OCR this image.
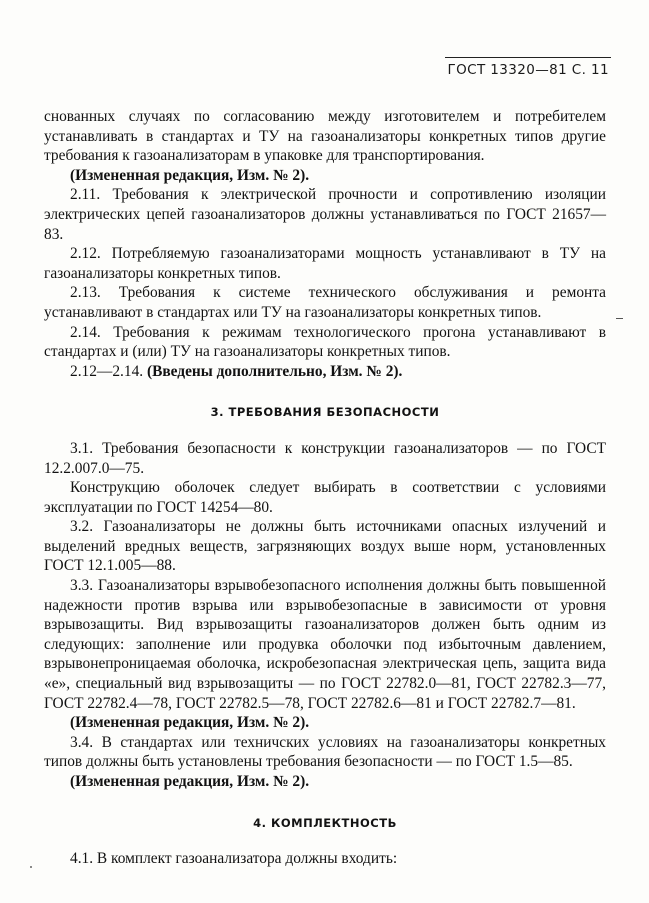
ГОСТ 13320—81 С. 11

снованных случаях по согласованию между изготовителем и потребителем устанавливать в стандартах и ТУ на газоанализаторы конкретных типов другие требования к газоанализаторам в упаковке для транспортирования.

(Измененная редакция, Изм. № 2).

2.11. Требования к электрической прочности и сопротивлению изоляции электрических цепей газоанализаторов должны устанавливаться по ГОСТ 21657—83.

2.12. Потребляемую газоанализаторами мощность устанавливают в ТУ на газоанализаторы конкретных типов.

2.13. Требования к системе технического обслуживания и ремонта устанавливают в стандартах или ТУ на газоанализаторы конкретных типов.

2.14. Требования к режимам технологического прогона устанавливают в стандартах и (или) ТУ на газоанализаторы конкретных типов.

2.12—2.14. (Введены дополнительно, Изм. № 2).

3. ТРЕБОВАНИЯ БЕЗОПАСНОСТИ

3.1. Требования безопасности к конструкции газоанализаторов — по ГОСТ 12.2.007.0—75.

Конструкцию оболочек следует выбирать в соответствии с условиями эксплуатации по ГОСТ 14254—80.

3.2. Газоанализаторы не должны быть источниками опасных излучений и выделений вредных веществ, загрязняющих воздух выше норм, установленных ГОСТ 12.1.005—88.

3.3. Газоанализаторы взрывобезопасного исполнения должны быть повышенной надежности против взрыва или взрывобезопасные в зависимости от уровня взрывозащиты. Вид взрывозащиты газоанализаторов должен быть одним из следующих: заполнение или продувка оболочки под избыточным давлением, взрывонепроницаемая оболочка, искробезопасная электрическая цепь, защита вида «е», специальный вид взрывозащиты — по ГОСТ 22782.0—81, ГОСТ 22782.3—77, ГОСТ 22782.4—78, ГОСТ 22782.5—78, ГОСТ 22782.6—81 и ГОСТ 22782.7—81.

(Измененная редакция, Изм. № 2).

3.4. В стандартах или техничских условиях на газоанализаторы конкретных типов должны быть установлены требования безопасности — по ГОСТ 1.5—85.

(Измененная редакция, Изм. № 2).

4. КОМПЛЕКТНОСТЬ

4.1. В комплект газоанализатора должны входить:
